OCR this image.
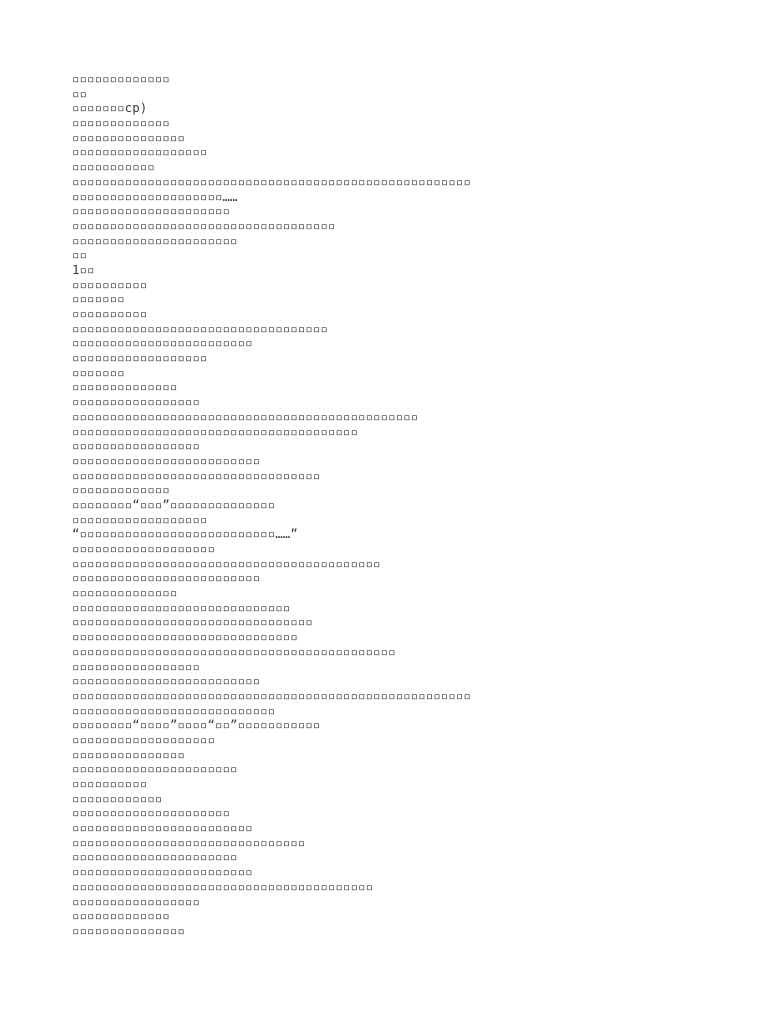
▫▫▫▫▫▫▫▫▫▫▫▫▫
▫▫
▫▫▫▫▫▫▫cp)
▫▫▫▫▫▫▫▫▫▫▫▫▫
▫▫▫▫▫▫▫▫▫▫▫▫▫▫▫
▫▫▫▫▫▫▫▫▫▫▫▫▫▫▫▫▫▫
▫▫▫▫▫▫▫▫▫▫▫
▫▫▫▫▫▫▫▫▫▫▫▫▫▫▫▫▫▫▫▫▫▫▫▫▫▫▫▫▫▫▫▫▫▫▫▫▫▫▫▫▫▫▫▫▫▫▫▫▫▫▫▫▫
▫▫▫▫▫▫▫▫▫▫▫▫▫▫▫▫▫▫▫▫……
▫▫▫▫▫▫▫▫▫▫▫▫▫▫▫▫▫▫▫▫▫
▫▫▫▫▫▫▫▫▫▫▫▫▫▫▫▫▫▫▫▫▫▫▫▫▫▫▫▫▫▫▫▫▫▫▫
▫▫▫▫▫▫▫▫▫▫▫▫▫▫▫▫▫▫▫▫▫▫
▫▫
1▫▫
▫▫▫▫▫▫▫▫▫▫
▫▫▫▫▫▫▫
▫▫▫▫▫▫▫▫▫▫
▫▫▫▫▫▫▫▫▫▫▫▫▫▫▫▫▫▫▫▫▫▫▫▫▫▫▫▫▫▫▫▫▫▫
▫▫▫▫▫▫▫▫▫▫▫▫▫▫▫▫▫▫▫▫▫▫▫▫
▫▫▫▫▫▫▫▫▫▫▫▫▫▫▫▫▫▫
▫▫▫▫▫▫▫
▫▫▫▫▫▫▫▫▫▫▫▫▫▫
▫▫▫▫▫▫▫▫▫▫▫▫▫▫▫▫▫
▫▫▫▫▫▫▫▫▫▫▫▫▫▫▫▫▫▫▫▫▫▫▫▫▫▫▫▫▫▫▫▫▫▫▫▫▫▫▫▫▫▫▫▫▫▫
▫▫▫▫▫▫▫▫▫▫▫▫▫▫▫▫▫▫▫▫▫▫▫▫▫▫▫▫▫▫▫▫▫▫▫▫▫▫
▫▫▫▫▫▫▫▫▫▫▫▫▫▫▫▫▫
▫▫▫▫▫▫▫▫▫▫▫▫▫▫▫▫▫▫▫▫▫▫▫▫▫
▫▫▫▫▫▫▫▫▫▫▫▫▫▫▫▫▫▫▫▫▫▫▫▫▫▫▫▫▫▫▫▫▫
▫▫▫▫▫▫▫▫▫▫▫▫▫
▫▫▫▫▫▫▫▫“▫▫▫”▫▫▫▫▫▫▫▫▫▫▫▫▫▫
▫▫▫▫▫▫▫▫▫▫▫▫▫▫▫▫▫▫
“▫▫▫▫▫▫▫▫▫▫▫▫▫▫▫▫▫▫▫▫▫▫▫▫▫▫……”
▫▫▫▫▫▫▫▫▫▫▫▫▫▫▫▫▫▫▫
▫▫▫▫▫▫▫▫▫▫▫▫▫▫▫▫▫▫▫▫▫▫▫▫▫▫▫▫▫▫▫▫▫▫▫▫▫▫▫▫▫
▫▫▫▫▫▫▫▫▫▫▫▫▫▫▫▫▫▫▫▫▫▫▫▫▫
▫▫▫▫▫▫▫▫▫▫▫▫▫▫
▫▫▫▫▫▫▫▫▫▫▫▫▫▫▫▫▫▫▫▫▫▫▫▫▫▫▫▫▫
▫▫▫▫▫▫▫▫▫▫▫▫▫▫▫▫▫▫▫▫▫▫▫▫▫▫▫▫▫▫▫▫
▫▫▫▫▫▫▫▫▫▫▫▫▫▫▫▫▫▫▫▫▫▫▫▫▫▫▫▫▫▫
▫▫▫▫▫▫▫▫▫▫▫▫▫▫▫▫▫▫▫▫▫▫▫▫▫▫▫▫▫▫▫▫▫▫▫▫▫▫▫▫▫▫▫
▫▫▫▫▫▫▫▫▫▫▫▫▫▫▫▫▫
▫▫▫▫▫▫▫▫▫▫▫▫▫▫▫▫▫▫▫▫▫▫▫▫▫
▫▫▫▫▫▫▫▫▫▫▫▫▫▫▫▫▫▫▫▫▫▫▫▫▫▫▫▫▫▫▫▫▫▫▫▫▫▫▫▫▫▫▫▫▫▫▫▫▫▫▫▫▫
▫▫▫▫▫▫▫▫▫▫▫▫▫▫▫▫▫▫▫▫▫▫▫▫▫▫▫
▫▫▫▫▫▫▫▫“▫▫▫▫”▫▫▫▫“▫▫”▫▫▫▫▫▫▫▫▫▫▫
▫▫▫▫▫▫▫▫▫▫▫▫▫▫▫▫▫▫▫
▫▫▫▫▫▫▫▫▫▫▫▫▫▫▫
▫▫▫▫▫▫▫▫▫▫▫▫▫▫▫▫▫▫▫▫▫▫
▫▫▫▫▫▫▫▫▫▫
▫▫▫▫▫▫▫▫▫▫▫▫
▫▫▫▫▫▫▫▫▫▫▫▫▫▫▫▫▫▫▫▫▫
▫▫▫▫▫▫▫▫▫▫▫▫▫▫▫▫▫▫▫▫▫▫▫▫
▫▫▫▫▫▫▫▫▫▫▫▫▫▫▫▫▫▫▫▫▫▫▫▫▫▫▫▫▫▫▫
▫▫▫▫▫▫▫▫▫▫▫▫▫▫▫▫▫▫▫▫▫▫
▫▫▫▫▫▫▫▫▫▫▫▫▫▫▫▫▫▫▫▫▫▫▫▫
▫▫▫▫▫▫▫▫▫▫▫▫▫▫▫▫▫▫▫▫▫▫▫▫▫▫▫▫▫▫▫▫▫▫▫▫▫▫▫▫
▫▫▫▫▫▫▫▫▫▫▫▫▫▫▫▫▫
▫▫▫▫▫▫▫▫▫▫▫▫▫
▫▫▫▫▫▫▫▫▫▫▫▫▫▫▫
